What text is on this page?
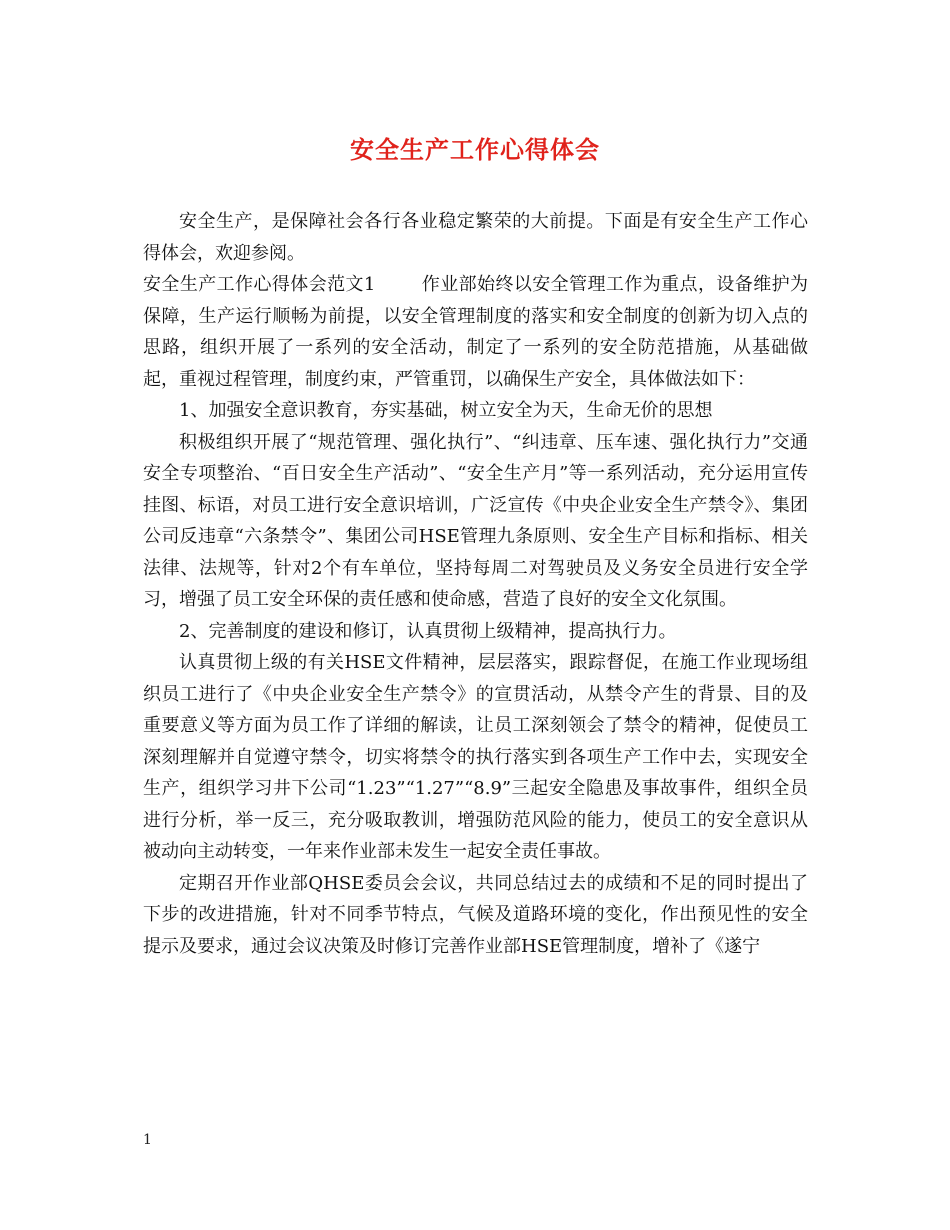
安全生产工作心得体会

安全生产，是保障社会各行各业稳定繁荣的大前提。下面是有安全生产工作心得体会，欢迎参阅。

安全生产工作心得体会范文1	作业部始终以安全管理工作为重点，设备维护为保障，生产运行顺畅为前提，以安全管理制度的落实和安全制度的创新为切入点的思路，组织开展了一系列的安全活动，制定了一系列的安全防范措施，从基础做起，重视过程管理，制度约束，严管重罚，以确保生产安全，具体做法如下：

1、加强安全意识教育，夯实基础，树立安全为天，生命无价的思想

积极组织开展了“规范管理、强化执行”、“纠违章、压车速、强化执行力”交通安全专项整治、“百日安全生产活动”、“安全生产月”等一系列活动，充分运用宣传挂图、标语，对员工进行安全意识培训，广泛宣传《中央企业安全生产禁令》、集团公司反违章“六条禁令”、集团公司HSE管理九条原则、安全生产目标和指标、相关法律、法规等，针对2个有车单位，坚持每周二对驾驶员及义务安全员进行安全学习，增强了员工安全环保的责任感和使命感，营造了良好的安全文化氛围。

2、完善制度的建设和修订，认真贯彻上级精神，提高执行力。

认真贯彻上级的有关HSE文件精神，层层落实，跟踪督促，在施工作业现场组织员工进行了《中央企业安全生产禁令》的宣贯活动，从禁令产生的背景、目的及重要意义等方面为员工作了详细的解读，让员工深刻领会了禁令的精神，促使员工深刻理解并自觉遵守禁令，切实将禁令的执行落实到各项生产工作中去，实现安全生产，组织学习井下公司“1.23”“1.27”“8.9”三起安全隐患及事故事件，组织全员进行分析，举一反三，充分吸取教训，增强防范风险的能力，使员工的安全意识从被动向主动转变，一年来作业部未发生一起安全责任事故。

定期召开作业部QHSE委员会会议，共同总结过去的成绩和不足的同时提出了下步的改进措施，针对不同季节特点，气候及道路环境的变化，作出预见性的安全提示及要求，通过会议决策及时修订完善作业部HSE管理制度，增补了《遂宁

1
